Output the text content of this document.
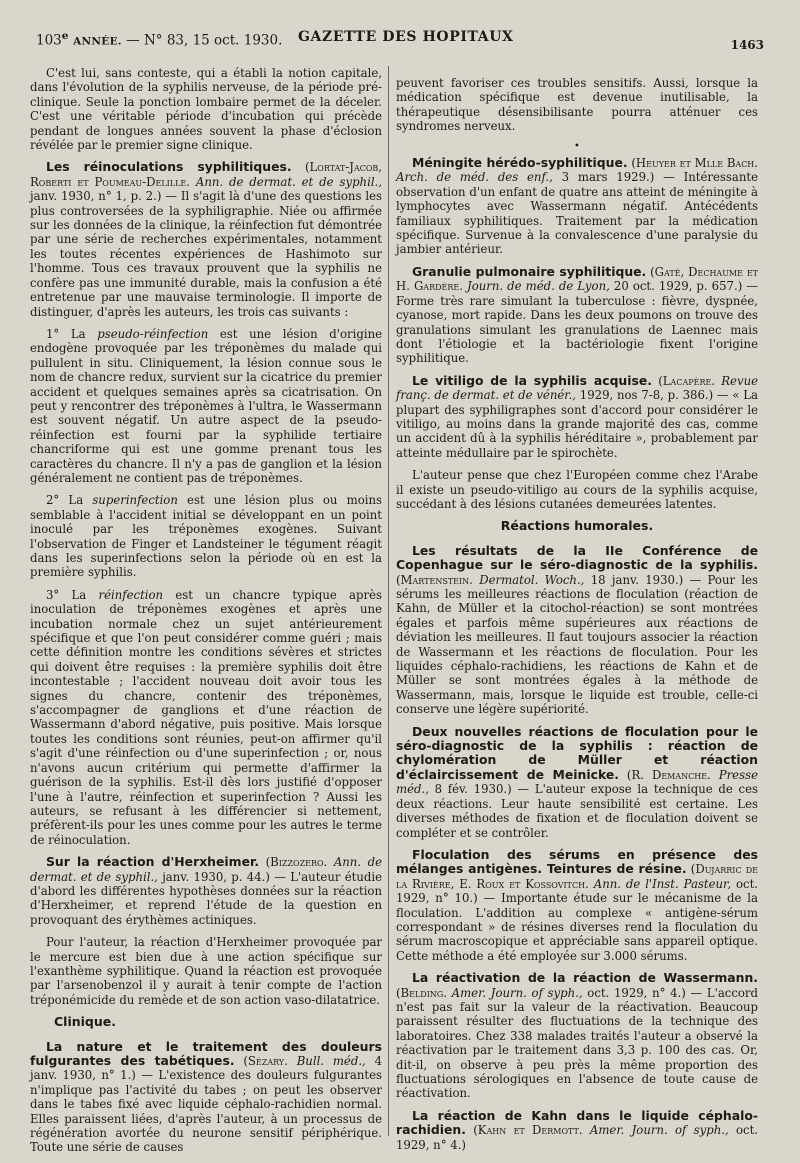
103e ANNÉE. — N° 83, 15 oct. 1930. GAZETTE DES HOPITAUX	1463

C'est lui, sans conteste, qui a établi la notion capitale, dans l'évolution de la syphilis nerveuse, de la période pré-clinique. Seule la ponction lombaire permet de la déceler. C'est une véritable période d'incubation qui précède pendant de longues années souvent la phase d'éclosion révélée par le premier signe clinique.

Les réinoculations syphilitiques. (Lortat-Jacob, Roberti et Poumeau-Delille. Ann. de dermat. et de syphil., janv. 1930, n° 1, p. 2.) — Il s'agit là d'une des questions les plus controversées de la syphiligraphie. Niée ou affirmée sur les données de la clinique, la réinfection fut démontrée par une série de recherches expérimentales, notamment les toutes récentes expériences de Hashimoto sur l'homme. Tous ces travaux prouvent que la syphilis ne confère pas une immunité durable, mais la confusion a été entretenue par une mauvaise terminologie. Il importe de distinguer, d'après les auteurs, les trois cas suivants :

1° La pseudo-réinfection est une lésion d'origine endogène provoquée par les tréponèmes du malade qui pullulent in situ. Cliniquement, la lésion connue sous le nom de chancre redux, survient sur la cicatrice du premier accident et quelques semaines après sa cicatrisation. On peut y rencontrer des tréponèmes à l'ultra, le Wassermann est souvent négatif. Un autre aspect de la pseudo-réinfection est fourni par la syphilide tertiaire chancriforme qui est une gomme prenant tous les caractères du chancre. Il n'y a pas de ganglion et la lésion généralement ne contient pas de tréponèmes.

2° La superinfection est une lésion plus ou moins semblable à l'accident initial se développant en un point inoculé par les tréponèmes exogènes. Suivant l'observation de Finger et Landsteiner le tégument réagit dans les superinfections selon la période où en est la première syphilis.

3° La réinfection est un chancre typique après inoculation de tréponèmes exogènes et après une incubation normale chez un sujet antérieurement spécifique et que l'on peut considérer comme guéri ; mais cette définition montre les conditions sévères et strictes qui doivent être requises : la première syphilis doit être incontestable ; l'accident nouveau doit avoir tous les signes du chancre, contenir des tréponèmes, s'accompagner de ganglions et d'une réaction de Wassermann d'abord négative, puis positive. Mais lorsque toutes les conditions sont réunies, peut-on affirmer qu'il s'agit d'une réinfection ou d'une superinfection ; or, nous n'avons aucun critérium qui permette d'affirmer la guérison de la syphilis. Est-il dès lors justifié d'opposer l'une à l'autre, réinfection et superinfection ? Aussi les auteurs, se refusant à les différencier si nettement, préfèrent-ils pour les unes comme pour les autres le terme de réinoculation.

Sur la réaction d'Herxheimer. (Bizzozero. Ann. de dermat. et de syphil., janv. 1930, p. 44.) — L'auteur étudie d'abord les différentes hypothèses données sur la réaction d'Herxheimer, et reprend l'étude de la question en provoquant des érythèmes actiniques.

Pour l'auteur, la réaction d'Herxheimer provoquée par le mercure est bien due à une action spécifique sur l'exanthème syphilitique. Quand la réaction est provoquée par l'arsenobenzol il y aurait à tenir compte de l'action tréponémicide du remède et de son action vaso-dilatatrice.

Clinique.

La nature et le traitement des douleurs fulgurantes des tabétiques. (Sézary. Bull. méd., 4 janv. 1930, n° 1.) — L'existence des douleurs fulgurantes n'implique pas l'activité du tabes ; on peut les observer dans le tabes fixé avec liquide céphalo-rachidien normal. Elles paraissent liées, d'après l'auteur, à un processus de régénération avortée du neurone sensitif périphérique. Toute une série de causes

peuvent favoriser ces troubles sensitifs. Aussi, lorsque la médication spécifique est devenue inutilisable, la thérapeutique désensibilisante pourra atténuer ces syndromes nerveux.

•

Méningite hérédo-syphilitique. (Heuyer et Mlle Bach. Arch. de méd. des enf., 3 mars 1929.) — Intéressante observation d'un enfant de quatre ans atteint de méningite à lymphocytes avec Wassermann négatif. Antécédents familiaux syphilitiques. Traitement par la médication spécifique. Survenue à la convalescence d'une paralysie du jambier antérieur.

Granulie pulmonaire syphilitique. (Gaté, Dechaume et H. Gardère. Journ. de méd. de Lyon, 20 oct. 1929, p. 657.) — Forme très rare simulant la tuberculose : fièvre, dyspnée, cyanose, mort rapide. Dans les deux poumons on trouve des granulations simulant les granulations de Laennec mais dont l'étiologie et la bactériologie fixent l'origine syphilitique.

Le vitiligo de la syphilis acquise. (Lacapère. Revue franç. de dermat. et de vénér., 1929, nos 7-8, p. 386.) — « La plupart des syphiligraphes sont d'accord pour considérer le vitiligo, au moins dans la grande majorité des cas, comme un accident dû à la syphilis héréditaire », probablement par atteinte médullaire par le spirochète.

L'auteur pense que chez l'Européen comme chez l'Arabe il existe un pseudo-vitiligo au cours de la syphilis acquise, succédant à des lésions cutanées demeurées latentes.

Réactions humorales.

Les résultats de la IIe Conférence de Copenhague sur le séro-diagnostic de la syphilis. (Martenstein. Dermatol. Woch., 18 janv. 1930.) — Pour les sérums les meilleures réactions de floculation (réaction de Kahn, de Müller et la citochol-réaction) se sont montrées égales et parfois même supérieures aux réactions de déviation les meilleures. Il faut toujours associer la réaction de Wassermann et les réactions de floculation. Pour les liquides céphalo-rachidiens, les réactions de Kahn et de Müller se sont montrées égales à la méthode de Wassermann, mais, lorsque le liquide est trouble, celle-ci conserve une légère supériorité.

Deux nouvelles réactions de floculation pour le séro-diagnostic de la syphilis : réaction de chylomération de Müller et réaction d'éclaircissement de Meinicke. (R. Demanche. Presse méd., 8 fév. 1930.) — L'auteur expose la technique de ces deux réactions. Leur haute sensibilité est certaine. Les diverses méthodes de fixation et de floculation doivent se compléter et se contrôler.

Floculation des sérums en présence des mélanges antigènes. Teintures de résine. (Dujarric de la Rivière, E. Roux et Kossovitch. Ann. de l'Inst. Pasteur, oct. 1929, n° 10.) — Importante étude sur le mécanisme de la floculation. L'addition au complexe « antigène-sérum correspondant » de résines diverses rend la floculation du sérum macroscopique et appréciable sans appareil optique. Cette méthode a été employée sur 3.000 sérums.

La réactivation de la réaction de Wassermann. (Belding. Amer. Journ. of syph., oct. 1929, n° 4.) — L'accord n'est pas fait sur la valeur de la réactivation. Beaucoup paraissent résulter des fluctuations de la technique des laboratoires. Chez 338 malades traités l'auteur a observé la réactivation par le traitement dans 3,3 p. 100 des cas. Or, dit-il, on observe à peu près la même proportion des fluctuations sérologiques en l'absence de toute cause de réactivation.

La réaction de Kahn dans le liquide céphalo-rachidien. (Kahn et Dermott. Amer. Journ. of syph., oct. 1929, n° 4.)
